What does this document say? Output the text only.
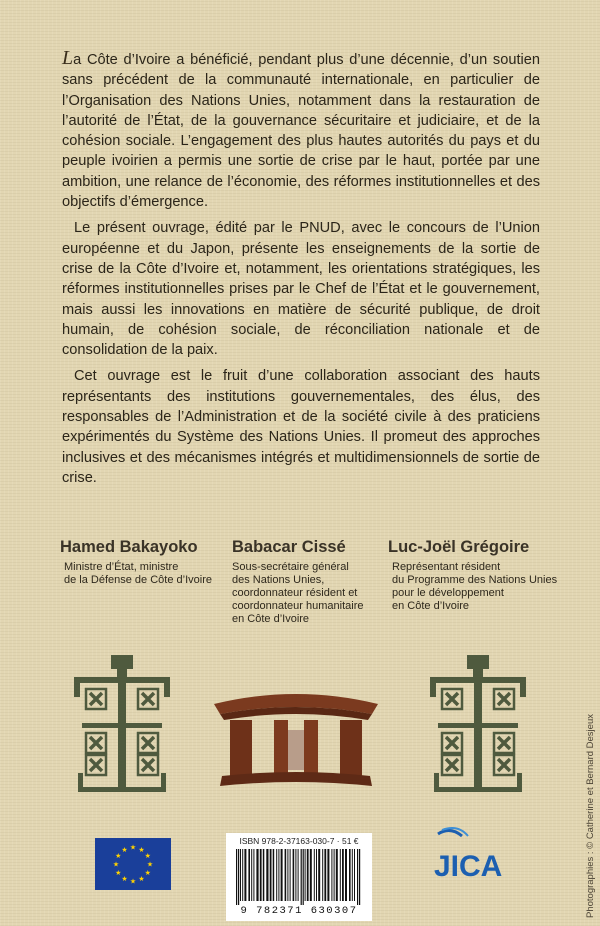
La Côte d’Ivoire a bénéficié, pendant plus d’une décennie, d’un soutien sans précédent de la communauté internationale, en particulier de l’Organisation des Nations Unies, notamment dans la restauration de l’autorité de l’État, de la gouvernance sécuritaire et judiciaire, et de la cohésion sociale. L’engagement des plus hautes autorités du pays et du peuple ivoirien a permis une sortie de crise par le haut, portée par une ambition, une relance de l’économie, des réformes institutionnelles et des objectifs d’émergence.

Le présent ouvrage, édité par le PNUD, avec le concours de l’Union européenne et du Japon, présente les enseignements de la sortie de crise de la Côte d’Ivoire et, notamment, les orientations stratégiques, les réformes institutionnelles prises par le Chef de l’État et le gouvernement, mais aussi les innovations en matière de sécurité publique, de droit humain, de cohésion sociale, de réconciliation nationale et de consolidation de la paix.

Cet ouvrage est le fruit d’une collaboration associant des hauts représentants des institutions gouvernementales, des élus, des responsables de l’Administration et de la société civile à des praticiens expérimentés du Système des Nations Unies. Il promeut des approches inclusives et des mécanismes intégrés et multidimensionnels de sortie de crise.

Hamed Bakayoko
Ministre d’État, ministre
de la Défense de Côte d’Ivoire
Babacar Cissé
Sous-secrétaire général
des Nations Unies,
coordonnateur résident et
coordonnateur humanitaire
en Côte d’Ivoire
Luc-Joël Grégoire
Représentant résident
du Programme des Nations Unies
pour le développement
en Côte d’Ivoire
★ ★
★
★
★
★
★
★
★
★
★
★
ISBN 978-2-37163-030-7 · 51 €
9 782371 630307
JICA	Photographies : © Catherine et Bernard Desjeux
